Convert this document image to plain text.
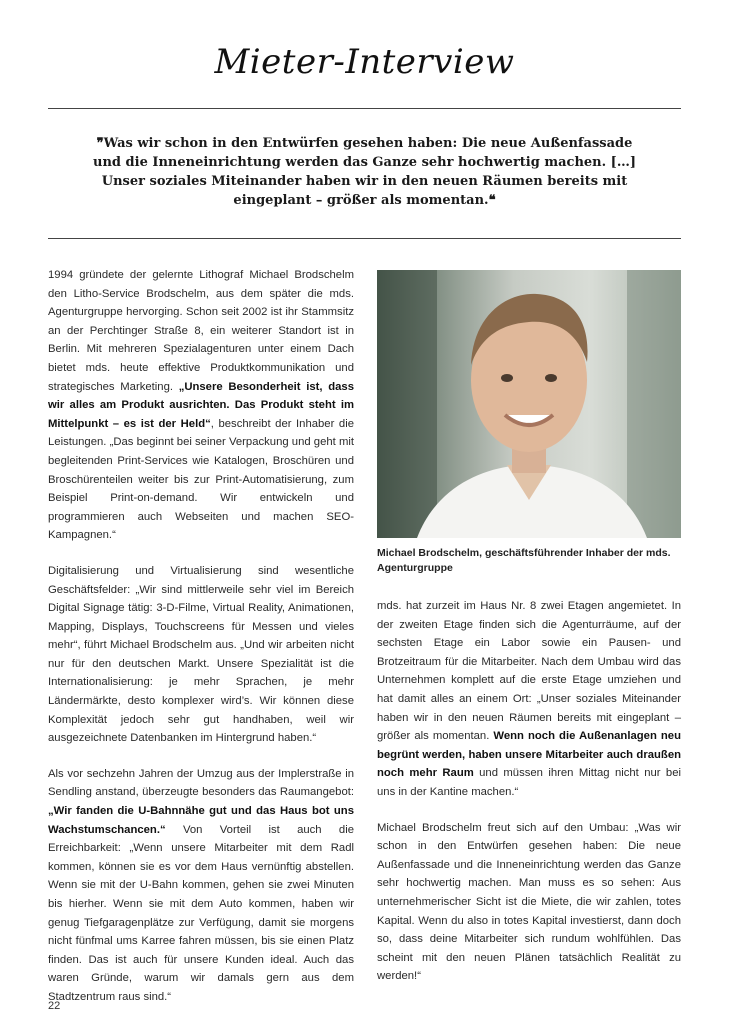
Mieter-Interview
❞Was wir schon in den Entwürfen gesehen haben: Die neue Außenfassade und die Inneneinrichtung werden das Ganze sehr hochwertig machen. […] Unser soziales Miteinander haben wir in den neuen Räumen bereits mit eingeplant – größer als momentan.❝

1994 gründete der gelernte Lithograf Michael Brodschelm den Litho-Service Brodschelm, aus dem später die mds. Agenturgruppe hervorging. Schon seit 2002 ist ihr Stammsitz an der Perchtinger Straße 8, ein weiterer Standort ist in Berlin. Mit mehreren Spezialagenturen unter einem Dach bietet mds. heute effektive Produktkommunikation und strategisches Marketing. „Unsere Besonderheit ist, dass wir alles am Produkt ausrichten. Das Produkt steht im Mittelpunkt – es ist der Held“, beschreibt der Inhaber die Leistungen. „Das beginnt bei seiner Verpackung und geht mit begleitenden Print-Services wie Katalogen, Broschüren und Broschürenteilen weiter bis zur Print-Automatisierung, zum Beispiel Print-on-demand. Wir entwickeln und programmieren auch Webseiten und machen SEO-Kampagnen.“

Digitalisierung und Virtualisierung sind wesentliche Geschäftsfelder: „Wir sind mittlerweile sehr viel im Bereich Digital Signage tätig: 3-D-Filme, Virtual Reality, Animationen, Mapping, Displays, Touchscreens für Messen und vieles mehr“, führt Michael Brodschelm aus. „Und wir arbeiten nicht nur für den deutschen Markt. Unsere Spezialität ist die Internationalisierung: je mehr Sprachen, je mehr Ländermärkte, desto komplexer wird’s. Wir können diese Komplexität jedoch sehr gut handhaben, weil wir ausgezeichnete Datenbanken im Hintergrund haben.“

Als vor sechzehn Jahren der Umzug aus der Implerstraße in Sendling anstand, überzeugte besonders das Raumangebot: „Wir fanden die U-Bahnnähe gut und das Haus bot uns Wachstumschancen.“ Von Vorteil ist auch die Erreichbarkeit: „Wenn unsere Mitarbeiter mit dem Radl kommen, können sie es vor dem Haus vernünftig abstellen. Wenn sie mit der U-Bahn kommen, gehen sie zwei Minuten bis hierher. Wenn sie mit dem Auto kommen, haben wir genug Tiefgaragenplätze zur Verfügung, damit sie morgens nicht fünfmal ums Karree fahren müssen, bis sie einen Platz finden. Das ist auch für unsere Kunden ideal. Auch das waren Gründe, warum wir damals gern aus dem Stadtzentrum raus sind.“

Michael Brodschelm, geschäftsführender Inhaber der mds. Agenturgruppe

mds. hat zurzeit im Haus Nr. 8 zwei Etagen angemietet. In der zweiten Etage finden sich die Agenturräume, auf der sechsten Etage ein Labor sowie ein Pausen- und Brotzeitraum für die Mitarbeiter. Nach dem Umbau wird das Unternehmen komplett auf die erste Etage umziehen und hat damit alles an einem Ort: „Unser soziales Miteinander haben wir in den neuen Räumen bereits mit eingeplant – größer als momentan. Wenn noch die Außenanlagen neu begrünt werden, haben unsere Mitarbeiter auch draußen noch mehr Raum und müssen ihren Mittag nicht nur bei uns in der Kantine machen.“

Michael Brodschelm freut sich auf den Umbau: „Was wir schon in den Entwürfen gesehen haben: Die neue Außenfassade und die Inneneinrichtung werden das Ganze sehr hochwertig machen. Man muss es so sehen: Aus unternehmerischer Sicht ist die Miete, die wir zahlen, totes Kapital. Wenn du also in totes Kapital investierst, dann doch so, dass deine Mitarbeiter sich rundum wohlfühlen. Das scheint mit den neuen Plänen tatsächlich Realität zu werden!“

22
